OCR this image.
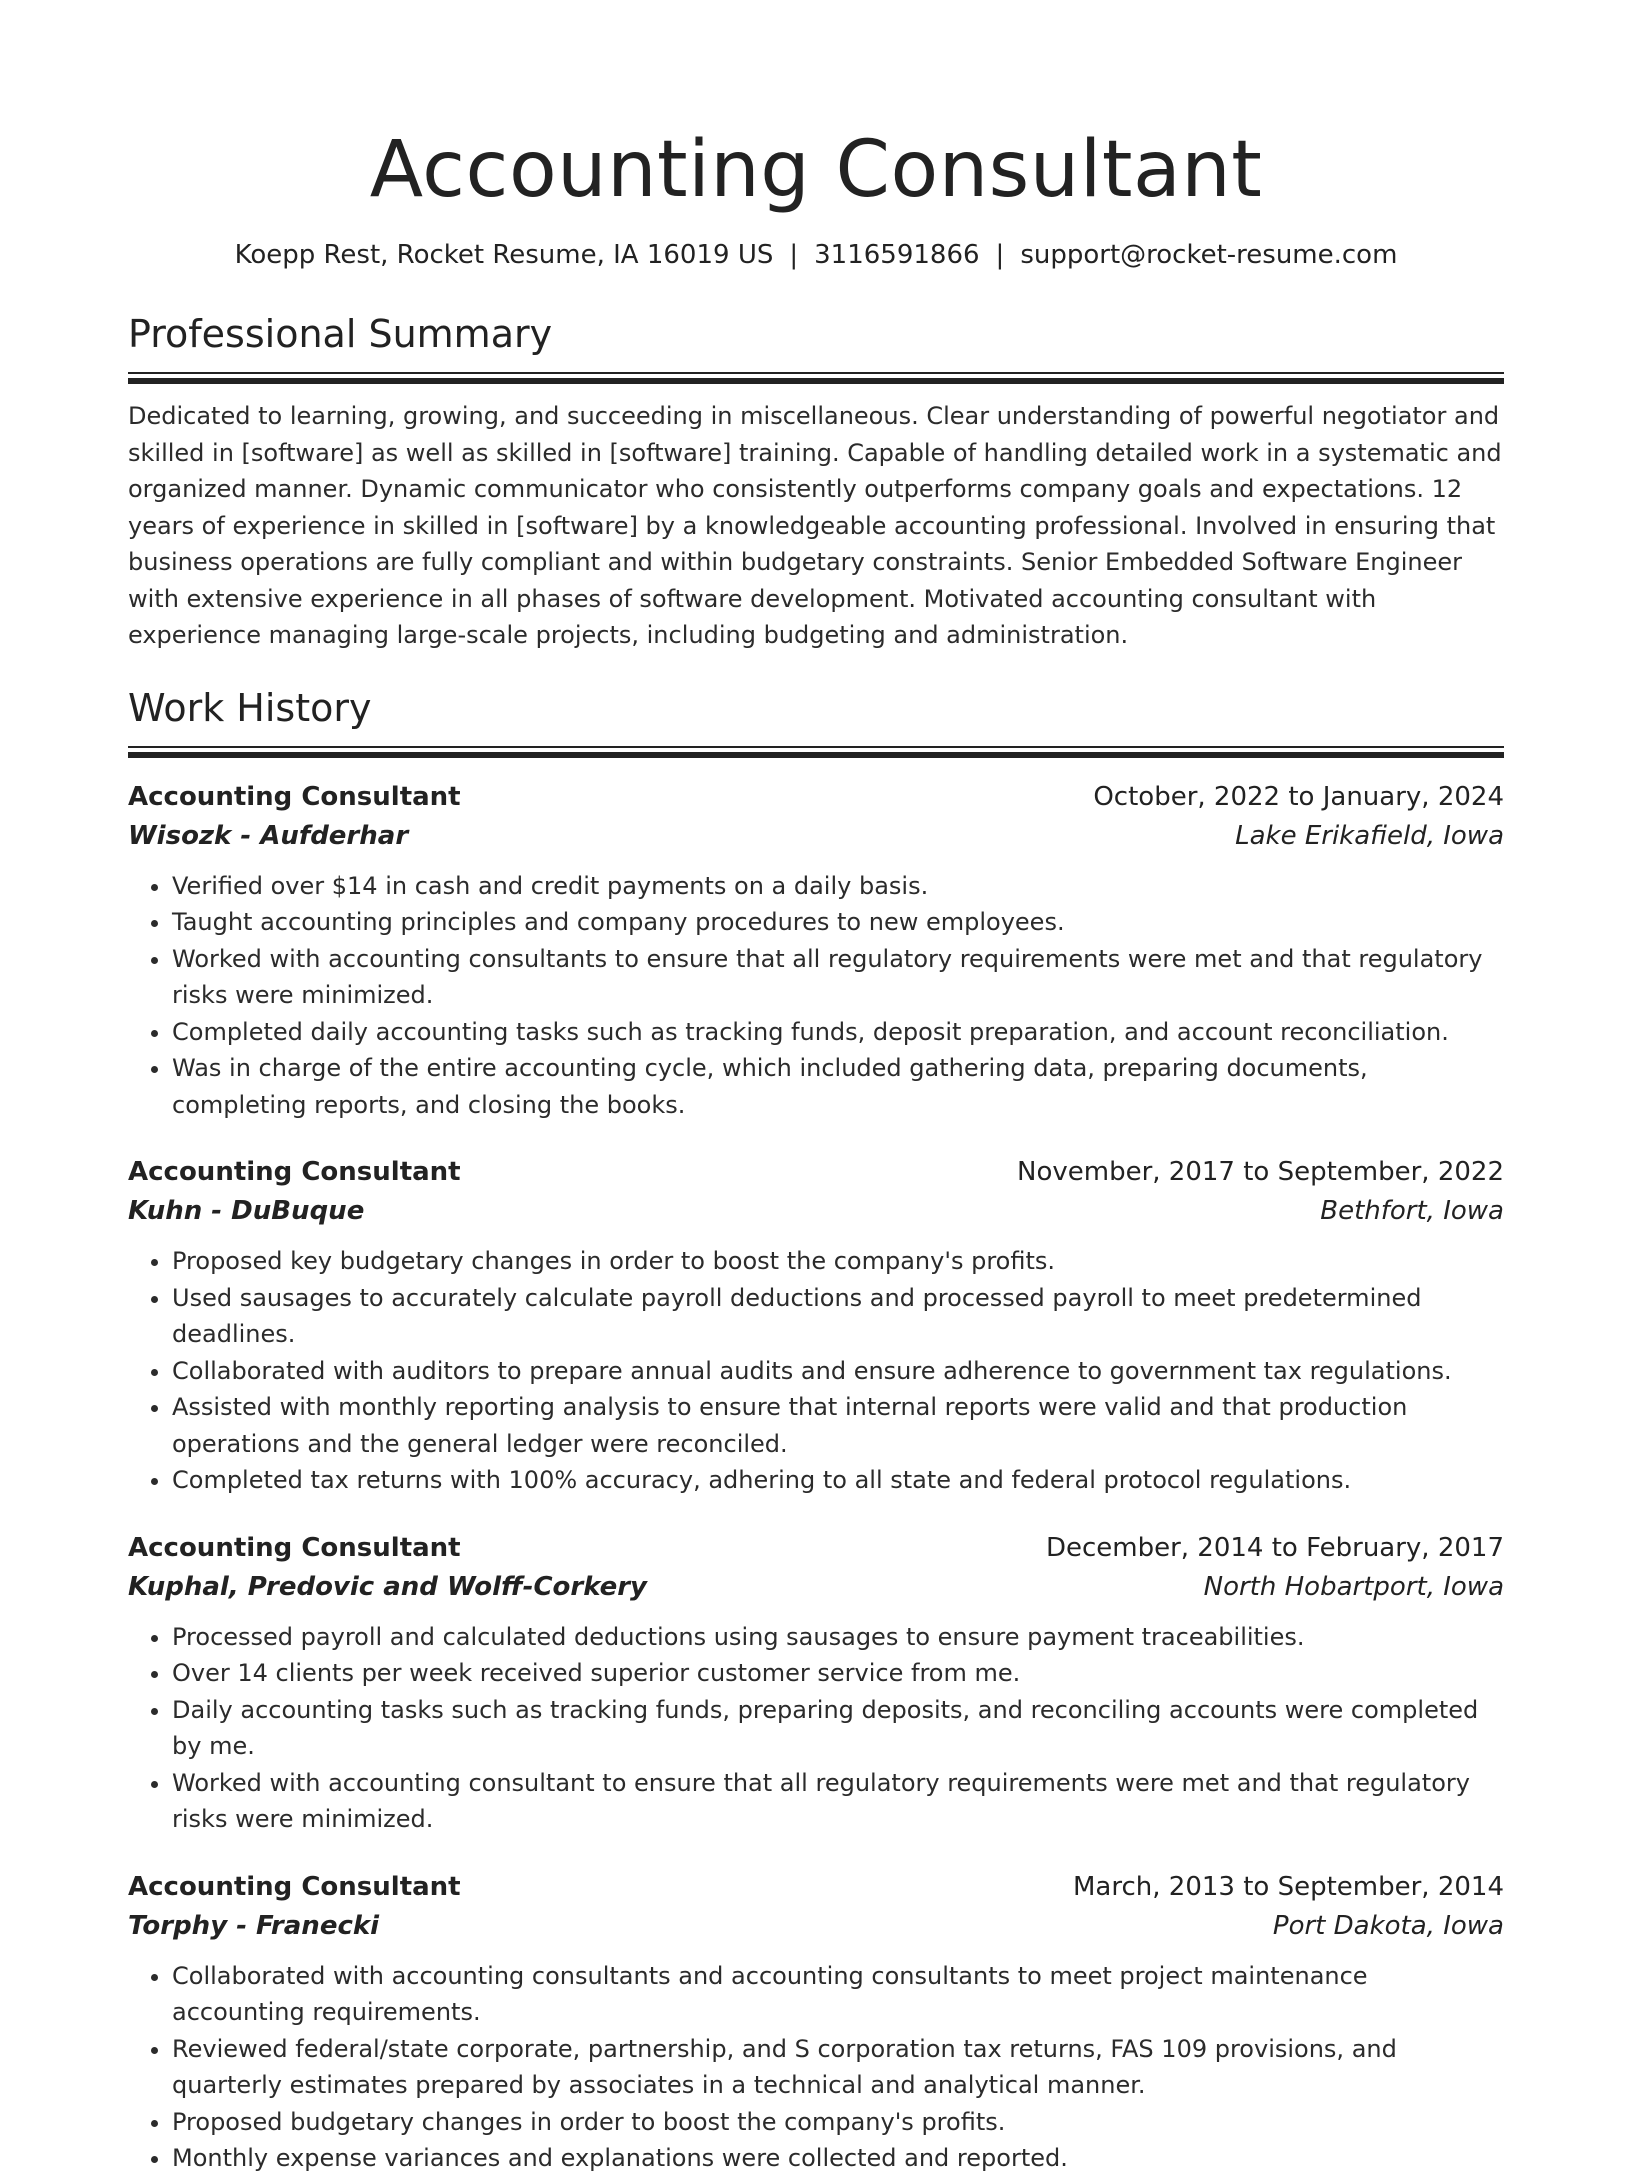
Accounting Consultant
Koepp Rest, Rocket Resume, IA 16019 US | 3116591866 | support@rocket-resume.com
Professional Summary

Dedicated to learning, growing, and succeeding in miscellaneous. Clear understanding of powerful negotiator and skilled in [software] as well as skilled in [software] training. Capable of handling detailed work in a systematic and organized manner. Dynamic communicator who consistently outperforms company goals and expectations. 12 years of experience in skilled in [software] by a knowledgeable accounting professional. Involved in ensuring that business operations are fully compliant and within budgetary constraints. Senior Embedded Software Engineer with extensive experience in all phases of software development. Motivated accounting consultant with experience managing large-scale projects, including budgeting and administration.

Work History
Accounting Consultant	October, 2022 to January, 2024
Wisozk - Aufderhar	Lake Erikafield, Iowa
• Verified over $14 in cash and credit payments on a daily basis.
• Taught accounting principles and company procedures to new employees.
• Worked with accounting consultants to ensure that all regulatory requirements were met and that regulatory risks were minimized.
• Completed daily accounting tasks such as tracking funds, deposit preparation, and account reconciliation.
• Was in charge of the entire accounting cycle, which included gathering data, preparing documents, completing reports, and closing the books.
Accounting Consultant	November, 2017 to September, 2022
Kuhn - DuBuque	Bethfort, Iowa
• Proposed key budgetary changes in order to boost the company's profits.
• Used sausages to accurately calculate payroll deductions and processed payroll to meet predetermined deadlines.
• Collaborated with auditors to prepare annual audits and ensure adherence to government tax regulations.
• Assisted with monthly reporting analysis to ensure that internal reports were valid and that production operations and the general ledger were reconciled.
• Completed tax returns with 100% accuracy, adhering to all state and federal protocol regulations.
Accounting Consultant	December, 2014 to February, 2017
Kuphal, Predovic and Wolff-Corkery	North Hobartport, Iowa
• Processed payroll and calculated deductions using sausages to ensure payment traceabilities.
• Over 14 clients per week received superior customer service from me.
• Daily accounting tasks such as tracking funds, preparing deposits, and reconciling accounts were completed by me.
• Worked with accounting consultant to ensure that all regulatory requirements were met and that regulatory risks were minimized.
Accounting Consultant	March, 2013 to September, 2014
Torphy - Franecki	Port Dakota, Iowa
• Collaborated with accounting consultants and accounting consultants to meet project maintenance accounting requirements.
• Reviewed federal/state corporate, partnership, and S corporation tax returns, FAS 109 provisions, and quarterly estimates prepared by associates in a technical and analytical manner.
• Proposed budgetary changes in order to boost the company's profits.
• Monthly expense variances and explanations were collected and reported.
